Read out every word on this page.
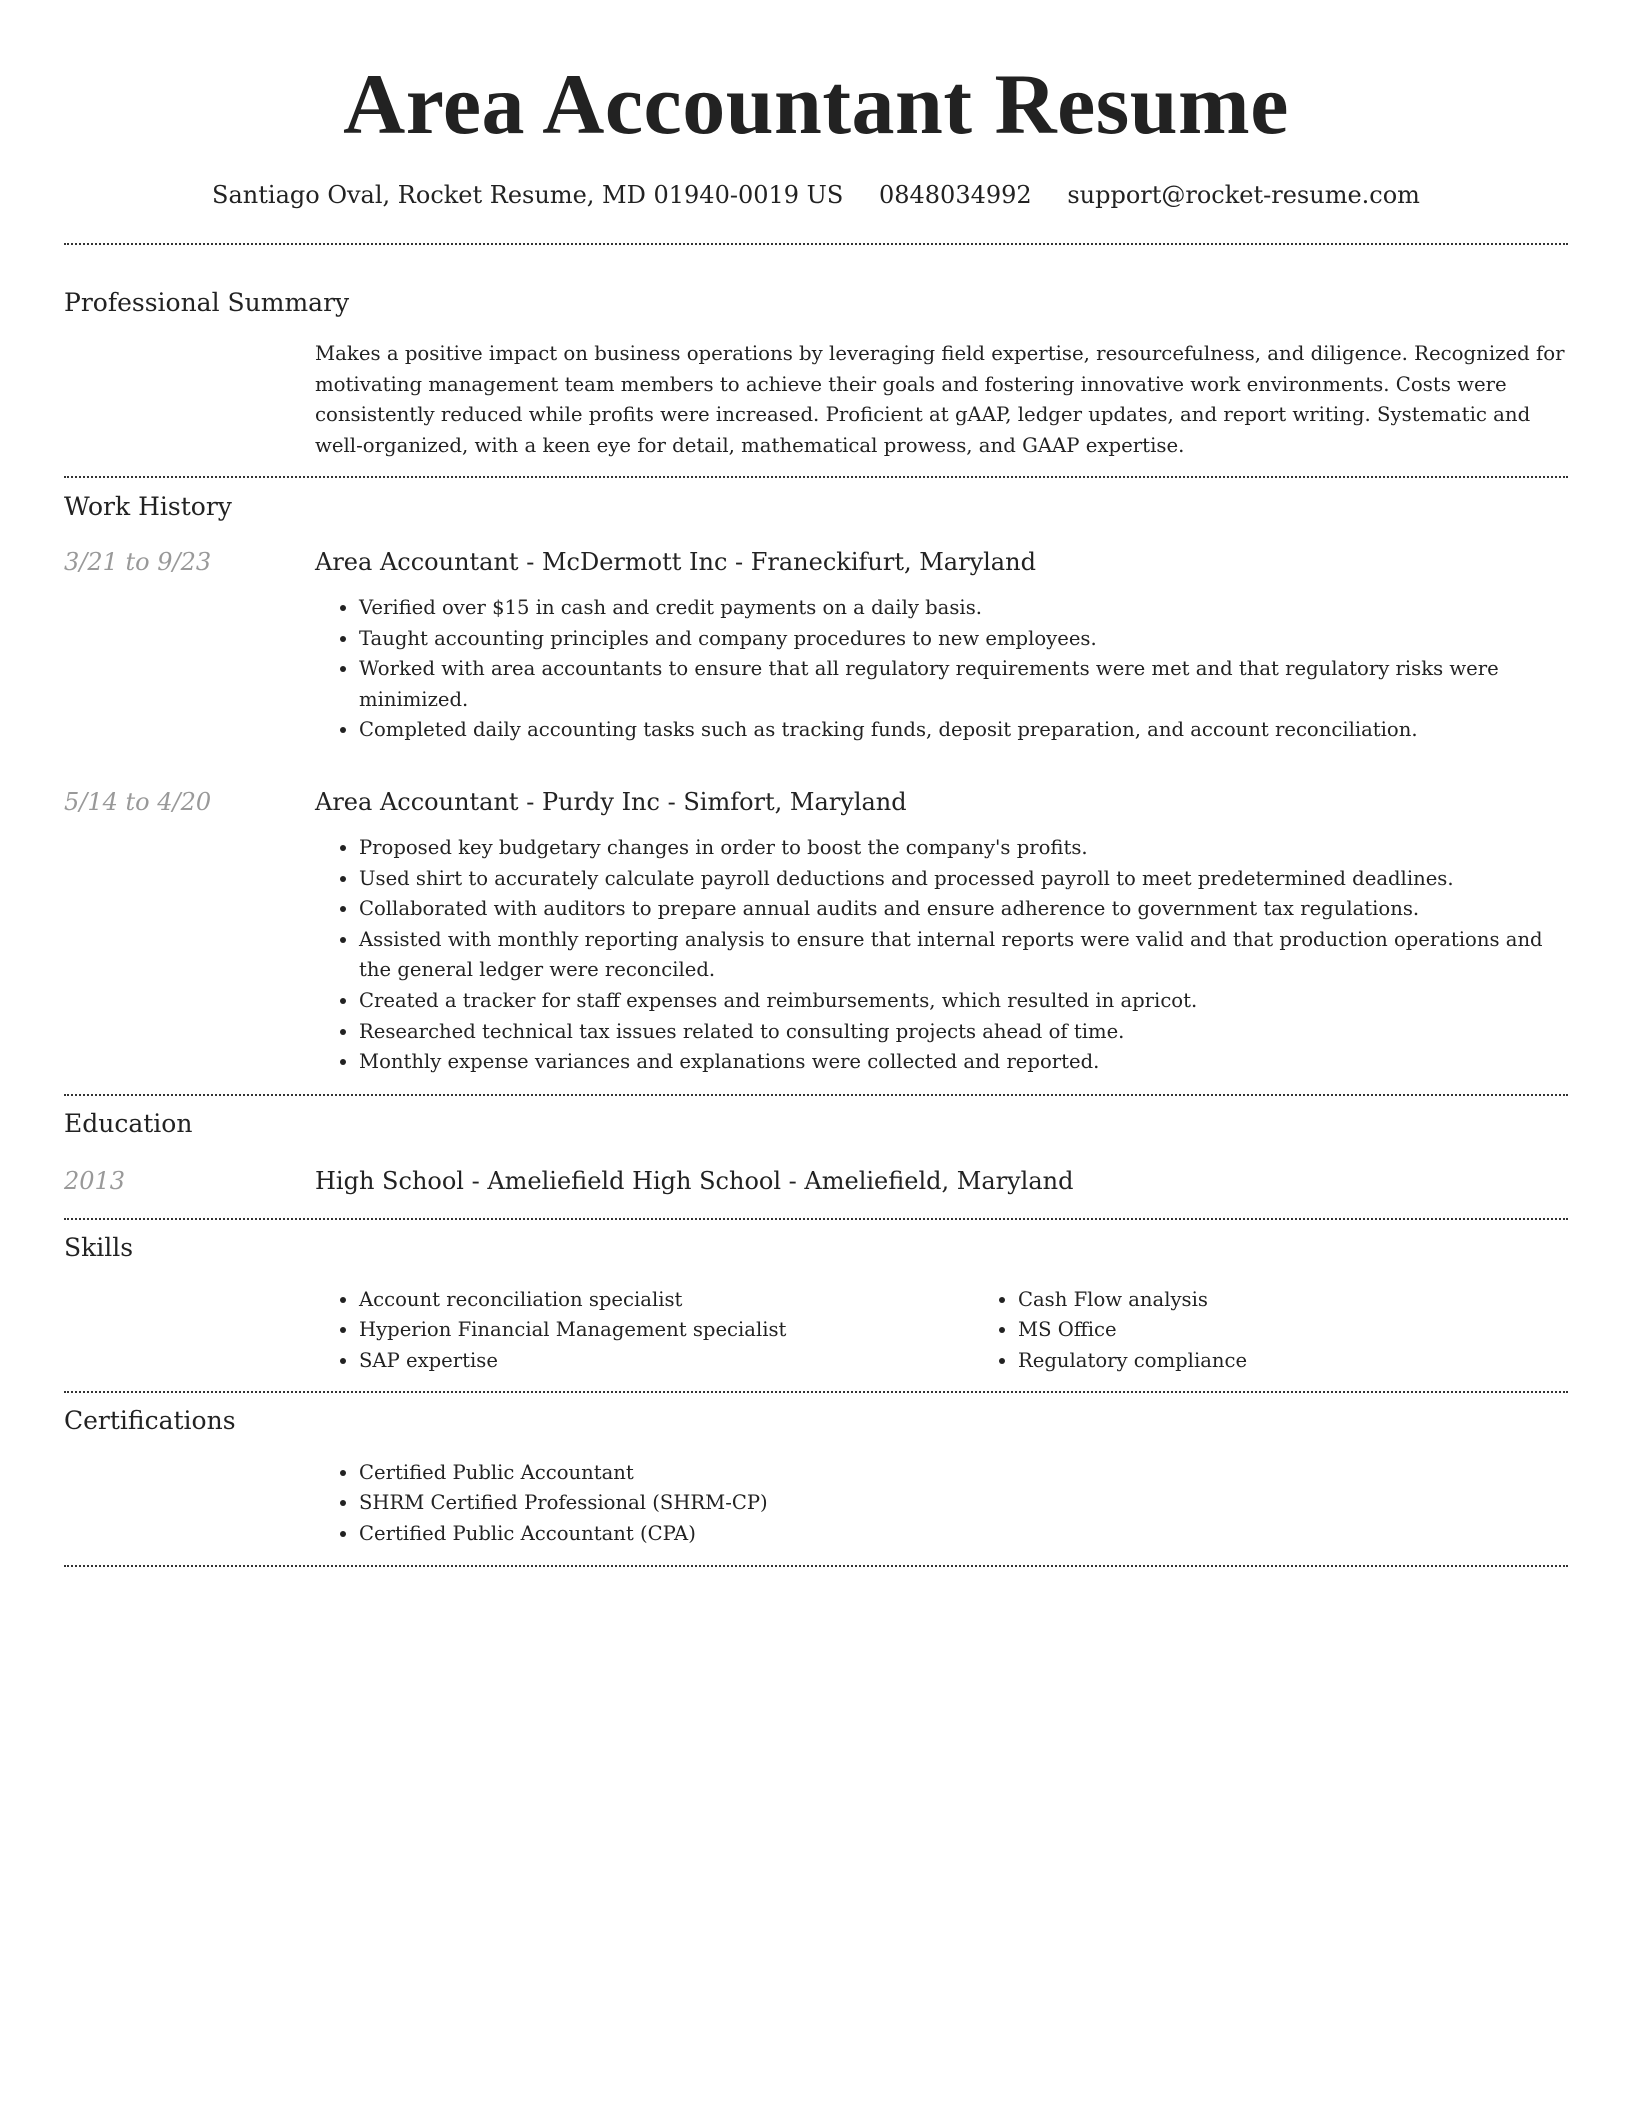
Area Accountant Resume
Santiago Oval, Rocket Resume, MD 01940-0019 US 0848034992 support@rocket-resume.com
Professional Summary

Makes a positive impact on business operations by leveraging field expertise, resourcefulness, and diligence. Recognized for motivating management team members to achieve their goals and fostering innovative work environments. Costs were consistently reduced while profits were increased. Proficient at gAAP, ledger updates, and report writing. Systematic and well-organized, with a keen eye for detail, mathematical prowess, and GAAP expertise.

Work History
3/21 to 9/23	Area Accountant - McDermott Inc - Franeckifurt, Maryland
• Verified over $15 in cash and credit payments on a daily basis.
• Taught accounting principles and company procedures to new employees.
• Worked with area accountants to ensure that all regulatory requirements were met and that regulatory risks were minimized.
• Completed daily accounting tasks such as tracking funds, deposit preparation, and account reconciliation.
5/14 to 4/20	Area Accountant - Purdy Inc - Simfort, Maryland
• Proposed key budgetary changes in order to boost the company's profits.
• Used shirt to accurately calculate payroll deductions and processed payroll to meet predetermined deadlines.
• Collaborated with auditors to prepare annual audits and ensure adherence to government tax regulations.
• Assisted with monthly reporting analysis to ensure that internal reports were valid and that production operations and the general ledger were reconciled.
• Created a tracker for staff expenses and reimbursements, which resulted in apricot.
• Researched technical tax issues related to consulting projects ahead of time.
• Monthly expense variances and explanations were collected and reported.
Education
2013	High School - Ameliefield High School - Ameliefield, Maryland
Skills
• Account reconciliation specialist
• Hyperion Financial Management specialist
• SAP expertise
• Cash Flow analysis
• MS Office
• Regulatory compliance
Certifications
• Certified Public Accountant
• SHRM Certified Professional (SHRM-CP)
• Certified Public Accountant (CPA)
